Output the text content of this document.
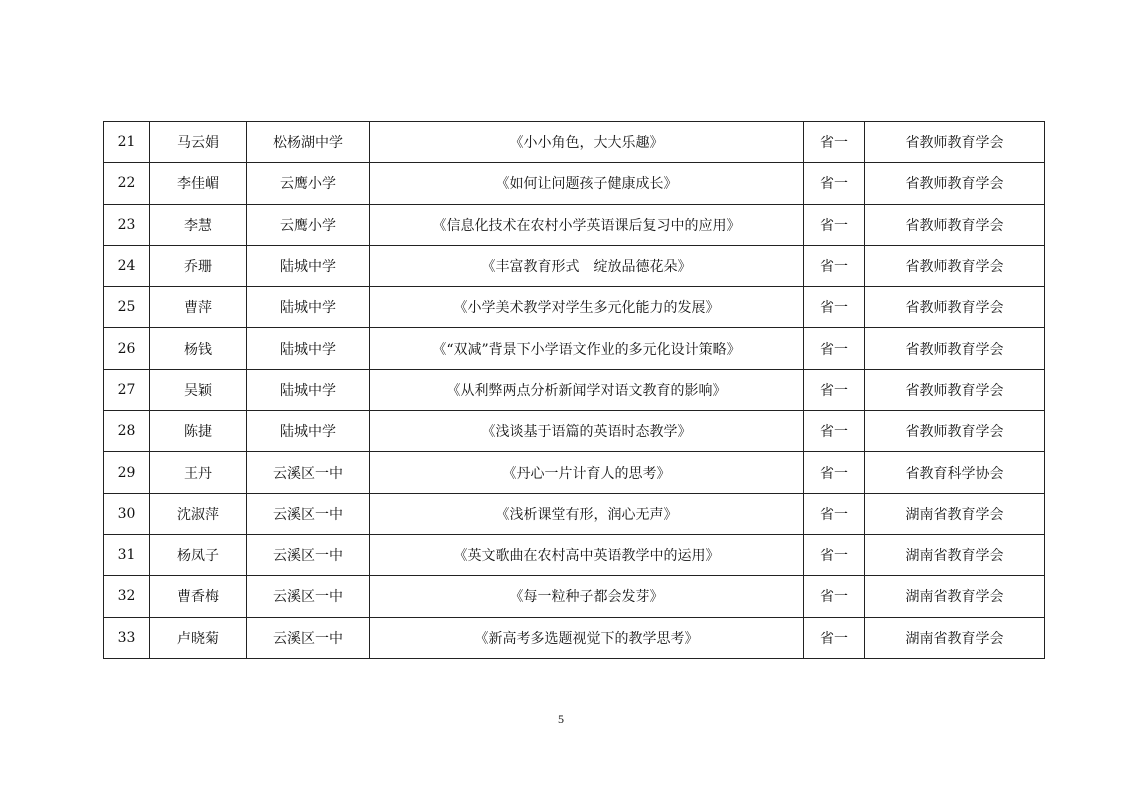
21	马云娟	松杨湖中学	《小小角色，大大乐趣》	省一	省教师教育学会
22	李佳嵋	云鹰小学	《如何让问题孩子健康成长》	省一	省教师教育学会
23	李慧	云鹰小学	《信息化技术在农村小学英语课后复习中的应用》	省一	省教师教育学会
24	乔珊	陆城中学	《丰富教育形式　绽放品德花朵》	省一	省教师教育学会
25	曹萍	陆城中学	《小学美术教学对学生多元化能力的发展》	省一	省教师教育学会
26	杨钱	陆城中学	《“双减”背景下小学语文作业的多元化设计策略》	省一	省教师教育学会
27	吴颖	陆城中学	《从利弊两点分析新闻学对语文教育的影响》	省一	省教师教育学会
28	陈捷	陆城中学	《浅谈基于语篇的英语时态教学》	省一	省教师教育学会
29	王丹	云溪区一中	《丹心一片计育人的思考》	省一	省教育科学协会
30	沈淑萍	云溪区一中	《浅析课堂有形，润心无声》	省一	湖南省教育学会
31	杨凤子	云溪区一中	《英文歌曲在农村高中英语教学中的运用》	省一	湖南省教育学会
32	曹香梅	云溪区一中	《每一粒种子都会发芽》	省一	湖南省教育学会
33	卢晓菊	云溪区一中	《新高考多选题视觉下的教学思考》	省一	湖南省教育学会
5
